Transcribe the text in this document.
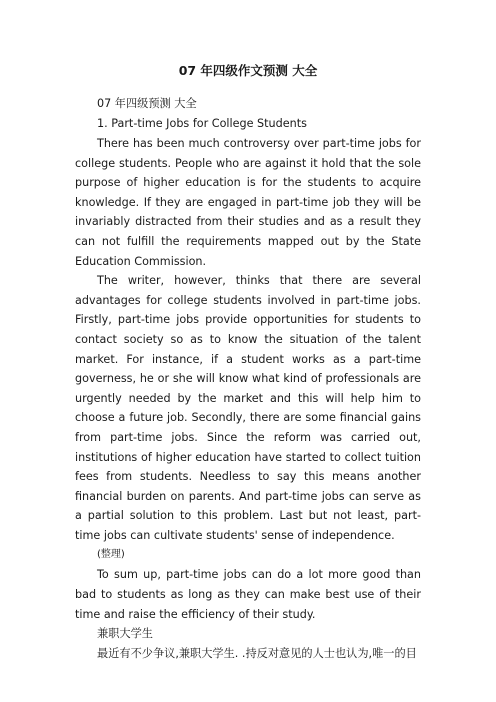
07 年四级作文预测 大全

07 年四级预测 大全

1. Part-time Jobs for College Students

There has been much controversy over part-time jobs for college students. People who are against it hold that the sole purpose of higher education is for the students to acquire knowledge. If they are engaged in part-time job they will be invariably distracted from their studies and as a result they can not fulfill the requirements mapped out by the State Education Commission.

The writer, however, thinks that there are several advantages for college students involved in part-time jobs. Firstly, part-time jobs provide opportunities for students to contact society so as to know the situation of the talent market. For instance, if a student works as a part-time governess, he or she will know what kind of professionals are urgently needed by the market and this will help him to choose a future job. Secondly, there are some financial gains from part-time jobs. Since the reform was carried out, institutions of higher education have started to collect tuition fees from students. Needless to say this means another financial burden on parents. And part-time jobs can serve as a partial solution to this problem. Last but not least, part-time jobs can cultivate students' sense of independence.

(整理)

To sum up, part-time jobs can do a lot more good than bad to students as long as they can make best use of their time and raise the efficiency of their study.

兼职大学生

最近有不少争议,兼职大学生. .持反对意见的人士也认为,唯一的目
